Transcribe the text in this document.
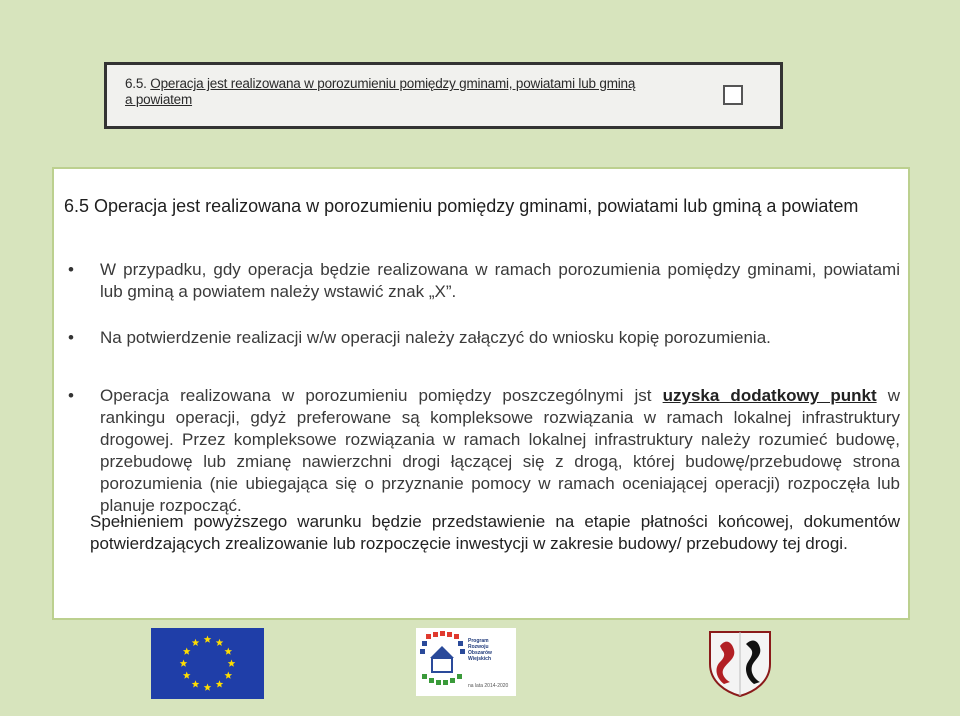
6.5. Operacja jest realizowana w porozumieniu pomiędzy gminami, powiatami lub gminą
a powiatem
6.5 Operacja jest realizowana w porozumieniu pomiędzy gminami, powiatami lub gminą a powiatem
• W przypadku, gdy operacja będzie realizowana w ramach porozumienia pomiędzy gminami, powiatami lub gminą a powiatem należy wstawić znak „X”.
• Na potwierdzenie realizacji w/w operacji należy załączyć do wniosku kopię porozumienia.
• Operacja realizowana w porozumieniu pomiędzy poszczególnymi jst uzyska dodatkowy punkt w rankingu operacji, gdyż preferowane są kompleksowe rozwiązania w ramach lokalnej infrastruktury drogowej. Przez kompleksowe rozwiązania w ramach lokalnej infrastruktury należy rozumieć budowę, przebudowę lub zmianę nawierzchni drogi łączącej się z drogą, której budowę/przebudowę strona porozumienia (nie ubiegająca się o przyznanie pomocy w ramach oceniającej operacji) rozpoczęła lub planuje rozpocząć.
Spełnieniem powyższego warunku będzie przedstawienie na etapie płatności końcowej, dokumentów potwierdzających zrealizowanie lub rozpoczęcie inwestycji w zakresie budowy/ przebudowy tej drogi.
Program
Rozwoju
Obszarów
Wiejskich
na lata 2014-2020
